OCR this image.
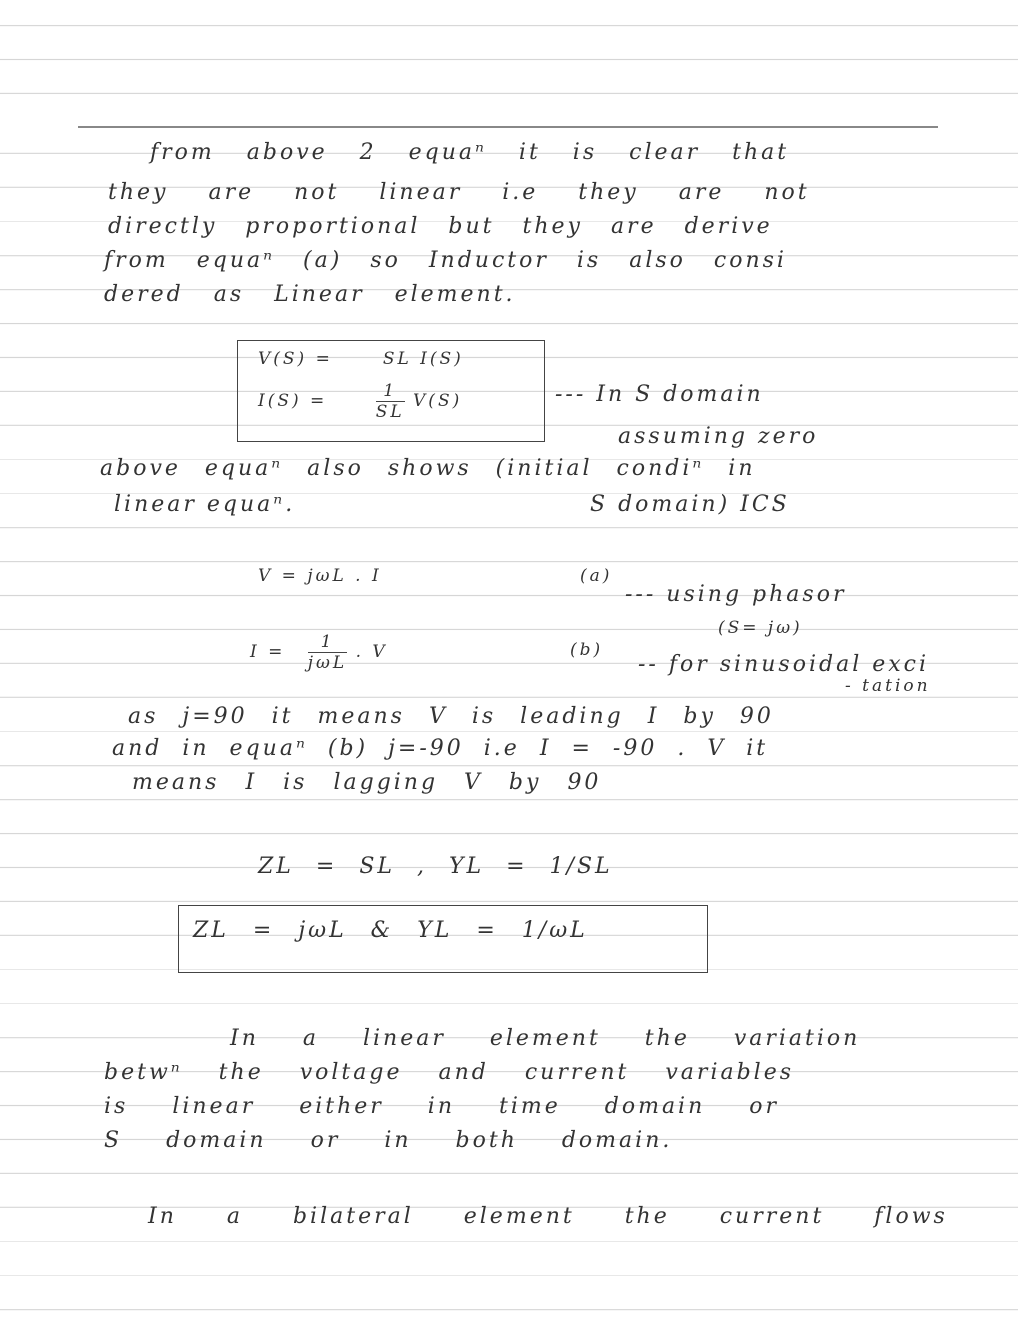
from above 2 equaⁿ it is clear that
they are not linear i.e they are not
directly proportional but they are derive
from equaⁿ (a) so Inductor is also consi
dered as Linear element.
V(S) =	SL I(S)
I(S) =	$\frac{1}{SL} V(S)$	--- In S domain
assuming zero
above equaⁿ also shows (initial condiⁿ in
linear equaⁿ.	S domain) ICS
V = jωL . I	(a)
--- using phasor
(S= jω)
$I = \frac{1}{\text{jωL}}$ . V	(b)
-- for sinusoidal exci
- tation
as j=90 it means V is leading I by 90
and in equaⁿ (b) j=-90 i.e I = -90 . V it
means I is lagging V by 90
ZL = SL , YL = 1/SL
ZL = jωL & YL = 1/ωL
In a linear element the variation
betwⁿ the voltage and current variables
is linear either in time domain or
S domain or in both domain.
In a bilateral element the current flows
